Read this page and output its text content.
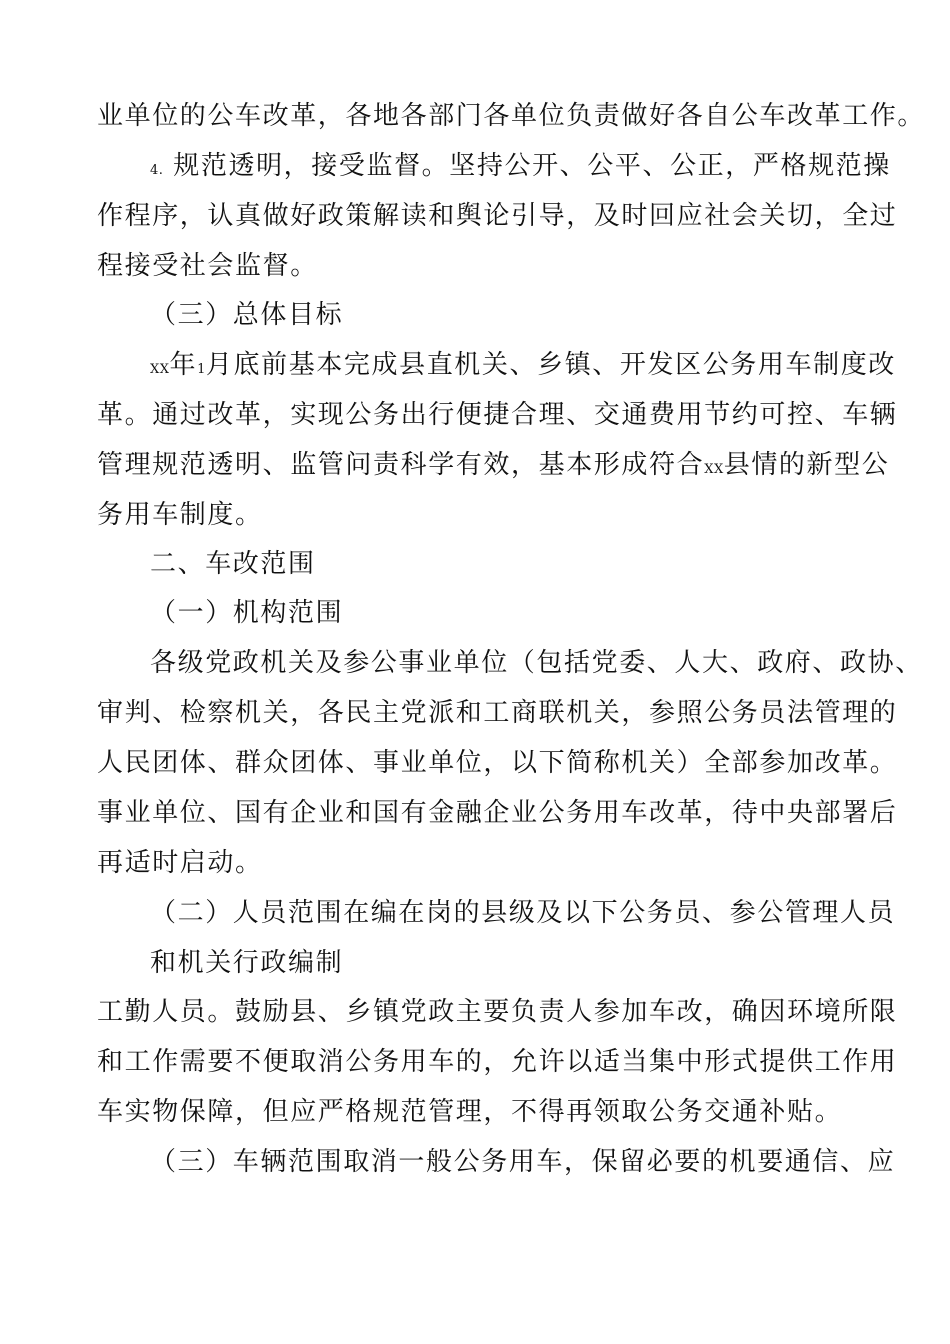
业单位的公车改革，各地各部门各单位负责做好各自公车改革工作。
4. 规范透明，接受监督。坚持公开、公平、公正，严格规范操
作程序，认真做好政策解读和舆论引导，及时回应社会关切，全过
程接受社会监督。
（三）总体目标
XX年1月底前基本完成县直机关、乡镇、开发区公务用车制度改
革。通过改革，实现公务出行便捷合理、交通费用节约可控、车辆
管理规范透明、监管问责科学有效，基本形成符合XX县情的新型公
务用车制度。
二、车改范围
（一）机构范围
各级党政机关及参公事业单位（包括党委、人大、政府、政协、
审判、检察机关，各民主党派和工商联机关，参照公务员法管理的
人民团体、群众团体、事业单位，以下简称机关）全部参加改革。
事业单位、国有企业和国有金融企业公务用车改革，待中央部署后
再适时启动。
（二）人员范围在编在岗的县级及以下公务员、参公管理人员
和机关行政编制
工勤人员。鼓励县、乡镇党政主要负责人参加车改，确因环境所限
和工作需要不便取消公务用车的，允许以适当集中形式提供工作用
车实物保障，但应严格规范管理，不得再领取公务交通补贴。
（三）车辆范围取消一般公务用车，保留必要的机要通信、应
